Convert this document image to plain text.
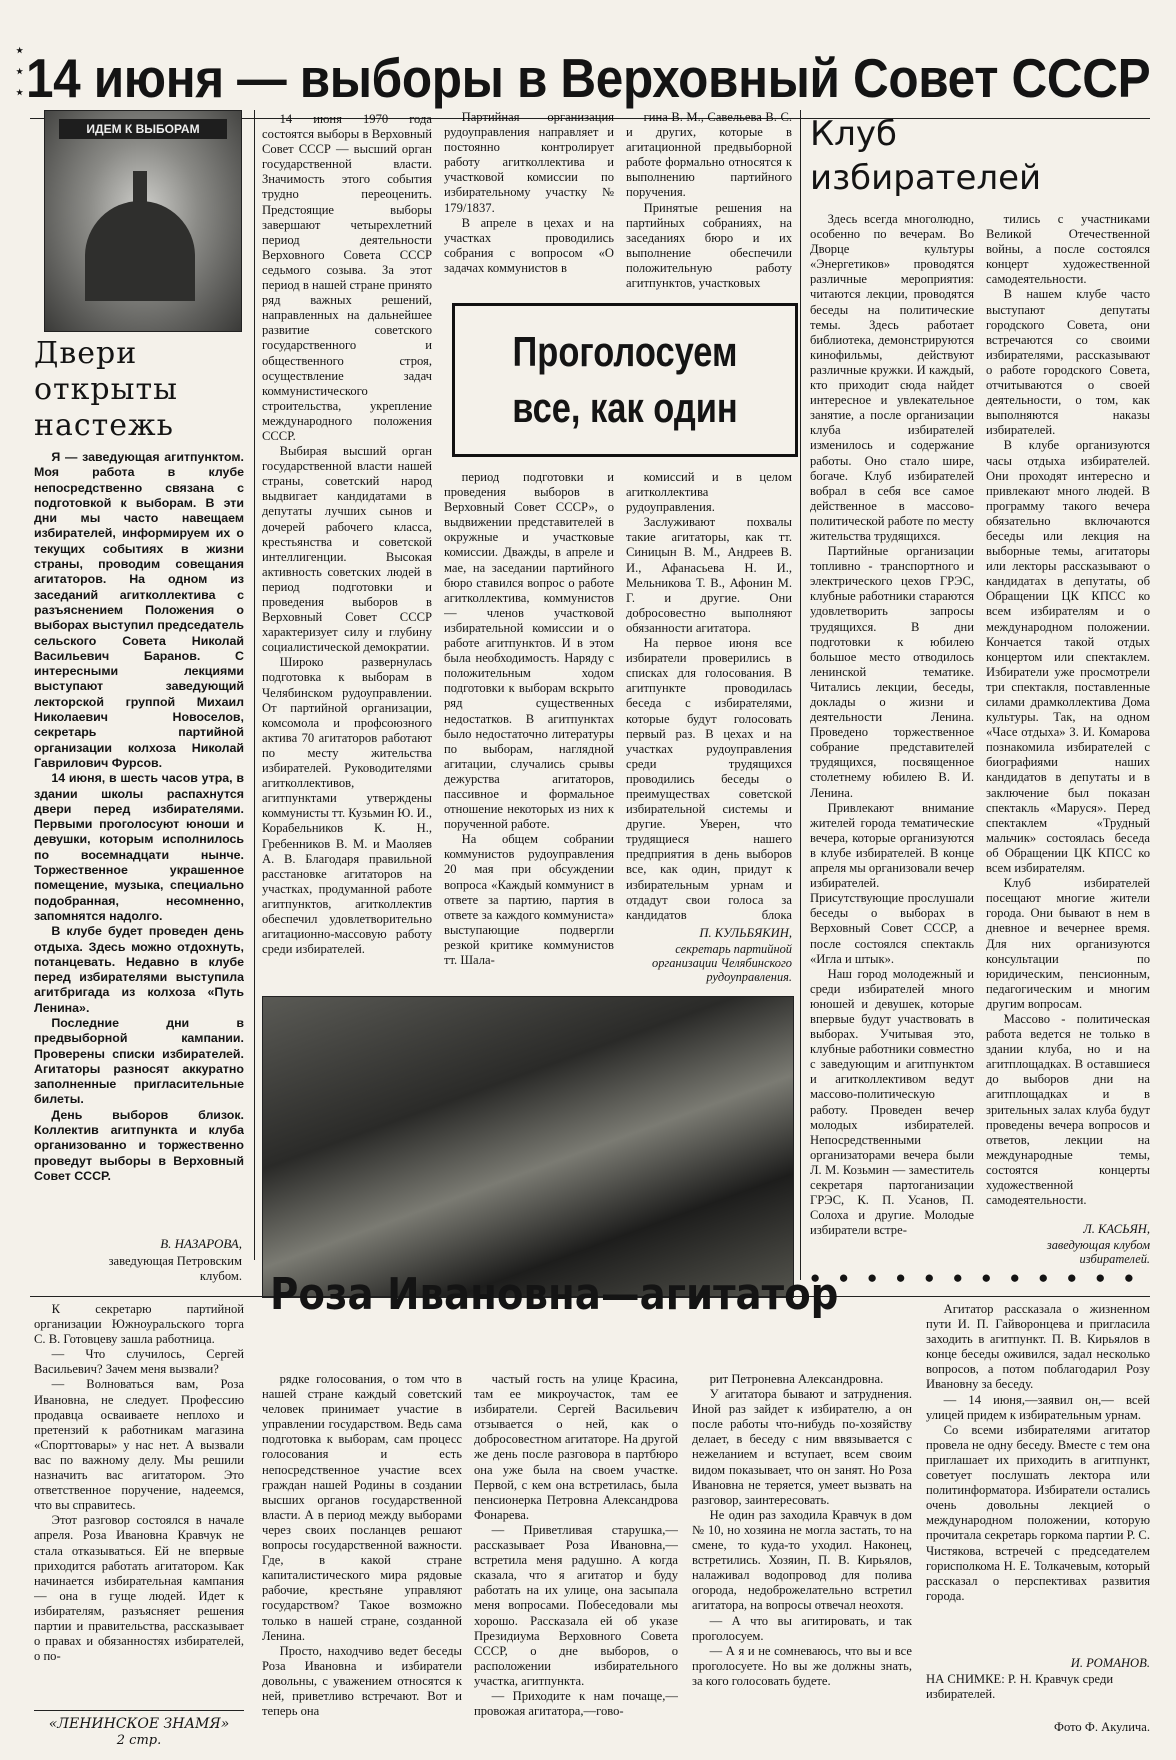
⋆
⋆
⋆ 14 июня — выборы в Верховный Совет СССР
ИДЕМ К ВЫБОРАМ
Двери открыты настежь

Я — заведующая агитпунктом. Моя работа в клубе непосредственно связана с подготовкой к выборам. В эти дни мы часто навещаем избирателей, информируем их о текущих событиях в жизни страны, проводим совещания агитаторов. На одном из заседаний агитколлектива с разъяснением Положения о выборах выступил председатель сельского Совета Николай Васильевич Баранов. С интересными лекциями выступают заведующий лекторской группой Михаил Николаевич Новоселов, секретарь партийной организации колхоза Николай Гаврилович Фурсов.

14 июня, в шесть часов утра, в здании школы распахнутся двери перед избирателями. Первыми проголосуют юноши и девушки, которым исполнилось по восемнадцати нынче. Торжественное украшенное помещение, музыка, специально подобранная, несомненно, запомнятся надолго.

В клубе будет проведен день отдыха. Здесь можно отдохнуть, потанцевать. Недавно в клубе перед избирателями выступила агитбригада из колхоза «Путь Ленина».

Последние дни в предвыборной кампании. Проверены списки избирателей. Агитаторы разносят аккуратно заполненные пригласительные билеты.

День выборов близок. Коллектив агитпункта и клуба организованно и торжественно проведут выборы в Верховный Совет СССР.

В. НАЗАРОВА,
заведующая Петровским клубом.

14 июня 1970 года состоятся выборы в Верховный Совет СССР — высший орган государственной власти. Значимость этого события трудно переоценить. Предстоящие выборы завершают четырехлетний период деятельности Верховного Совета СССР седьмого созыва. За этот период в нашей стране принято ряд важных решений, направленных на дальнейшее развитие советского государственного и общественного строя, осуществление задач коммунистического строительства, укрепление международного положения СССР.

Выбирая высший орган государственной власти нашей страны, советский народ выдвигает кандидатами в депутаты лучших сынов и дочерей рабочего класса, крестьянства и советской интеллигенции. Высокая активность советских людей в период подготовки и проведения выборов в Верховный Совет СССР характеризует силу и глубину социалистической демократии.

Широко развернулась подготовка к выборам в Челябинском рудоуправлении. От партийной организации, комсомола и профсоюзного актива 70 агитаторов работают по месту жительства избирателей. Руководителями агитколлективов, агитпунктами утверждены коммунисты тт. Кузьмин Ю. И., Корабельников К. Н., Гребенников В. М. и Маоляев А. В. Благодаря правильной расстановке агитаторов на участках, продуманной работе агитпунктов, агитколлектив обеспечил удовлетворительно агитационно-массовую работу среди избирателей.

Партийная организация рудоуправления направляет и постоянно контролирует работу агитколлектива и участковой комиссии по избирательному участку № 179/1837.

В апреле в цехах и на участках проводились собрания с вопросом «О задачах коммунистов в

гина В. М., Савельева В. С. и других, которые в агитационной предвыборной работе формально относятся к выполнению партийного поручения.

Принятые решения на партийных собраниях, на заседаниях бюро и их выполнение обеспечили положительную работу агитпунктов, участковых

Проголосуем
все, как один

период подготовки и проведения выборов в Верховный Совет СССР», о выдвижении представителей в окружные и участковые комиссии. Дважды, в апреле и мае, на заседании партийного бюро ставился вопрос о работе агитколлектива, коммунистов — членов участковой избирательной комиссии и о работе агитпунктов. И в этом была необходимость. Наряду с положительным ходом подготовки к выборам вскрыто ряд существенных недостатков. В агитпунктах было недостаточно литературы по выборам, наглядной агитации, случались срывы дежурства агитаторов, пассивное и формальное отношение некоторых из них к порученной работе.

На общем собрании коммунистов рудоуправления 20 мая при обсуждении вопроса «Каждый коммунист в ответе за партию, партия в ответе за каждого коммуниста» выступающие подвергли резкой критике коммунистов тт. Шала-

комиссий и в целом агитколлектива рудоуправления.

Заслуживают похвалы такие агитаторы, как тт. Синицын В. М., Андреев В. И., Афанасьева Н. И., Мельникова Т. В., Афонин М. Г. и другие. Они добросовестно выполняют обязанности агитатора.

На первое июня все избиратели проверились в списках для голосования. В агитпункте проводилась беседа с избирателями, которые будут голосовать первый раз. В цехах и на участках рудоуправления среди трудящихся проводились беседы о преимуществах советской избирательной системы и другие. Уверен, что трудящиеся нашего предприятия в день выборов все, как один, придут к избирательным урнам и отдадут свои голоса за кандидатов блока

П. КУЛЬБЯКИН,
секретарь партийной организации Челябинского рудоуправления.
Клуб
избирателей

Здесь всегда многолюдно, особенно по вечерам. Во Дворце культуры «Энергетиков» проводятся различные мероприятия: читаются лекции, проводятся беседы на политические темы. Здесь работает библиотека, демонстрируются кинофильмы, действуют различные кружки. И каждый, кто приходит сюда найдет интересное и увлекательное занятие, а после организации клуба избирателей изменилось и содержание работы. Оно стало шире, богаче. Клуб избирателей вобрал в себя все самое действенное в массово-политической работе по месту жительства трудящихся.

Партийные организации топливно - транспортного и электрического цехов ГРЭС, клубные работники стараются удовлетворить запросы трудящихся. В дни подготовки к юбилею большое место отводилось ленинской тематике. Читались лекции, беседы, доклады о жизни и деятельности Ленина. Проведено торжественное собрание представителей трудящихся, посвященное столетнему юбилею В. И. Ленина.

Привлекают внимание жителей города тематические вечера, которые организуются в клубе избирателей. В конце апреля мы организовали вечер избирателей. Присутствующие прослушали беседы о выборах в Верховный Совет СССР, а после состоялся спектакль «Игла и штык».

Наш город молодежный и среди избирателей много юношей и девушек, которые впервые будут участвовать в выборах. Учитывая это, клубные работники совместно с заведующим и агитпунктом и агитколлективом ведут массово-политическую работу. Проведен вечер молодых избирателей. Непосредственными организаторами вечера были Л. М. Козьмин — заместитель секретаря партоганизации ГРЭС, К. П. Усанов, П. Солоха и другие. Молодые избиратели встре-

тились с участниками Великой Отечественной войны, а после состоялся концерт художественной самодеятельности.

В нашем клубе часто выступают депутаты городского Совета, они встречаются со своими избирателями, рассказывают о работе городского Совета, отчитываются о своей деятельности, о том, как выполняются наказы избирателей.

В клубе организуются часы отдыха избирателей. Они проходят интересно и привлекают много людей. В программу такого вечера обязательно включаются беседы или лекция на выборные темы, агитаторы или лекторы рассказывают о кандидатах в депутаты, об Обращении ЦК КПСС ко всем избирателям и о международном положении. Кончается такой отдых концертом или спектаклем. Избиратели уже просмотрели три спектакля, поставленные силами драмколлектива Дома культуры. Так, на одном «Часе отдыха» З. И. Комарова познакомила избирателей с биографиями наших кандидатов в депутаты и в заключение был показан спектакль «Маруся». Перед спектаклем «Трудный мальчик» состоялась беседа об Обращении ЦК КПСС ко всем избирателям.

Клуб избирателей посещают многие жители города. Они бывают в нем в дневное и вечернее время. Для них организуются консультации по юридическим, пенсионным, педагогическим и многим другим вопросам.

Массово - политическая работа ведется не только в здании клуба, но и на агитплощадках. В оставшиеся до выборов дни на агитплощадках и в зрительных залах клуба будут проведены вечера вопросов и ответов, лекции на международные темы, состоятся концерты художественной самодеятельности.

Л. КАСЬЯН,
заведующая клубом избирателей.
● ● ● ● ● ● ● ● ● ● ● ●
Роза Ивановна—агитатор

К секретарю партийной организации Южноуральского торга С. В. Готовцеву зашла работница.

— Что случилось, Сергей Васильевич? Зачем меня вызвали?

— Волноваться вам, Роза Ивановна, не следует. Профессию продавца осваиваете неплохо и претензий к работникам магазина «Спорттовары» у нас нет. А вызвали вас по важному делу. Мы решили назначить вас агитатором. Это ответственное поручение, надеемся, что вы справитесь.

Этот разговор состоялся в начале апреля. Роза Ивановна Кравчук не стала отказываться. Ей не впервые приходится работать агитатором. Как начинается избирательная кампания — она в гуще людей. Идет к избирателям, разъясняет решения партии и правительства, рассказывает о правах и обязанностях избирателей, о по-

рядке голосования, о том что в нашей стране каждый советский человек принимает участие в управлении государством. Ведь сама подготовка к выборам, сам процесс голосования и есть непосредственное участие всех граждан нашей Родины в создании высших органов государственной власти. А в период между выборами через своих посланцев решают вопросы государственной важности. Где, в какой стране капиталистического мира рядовые рабочие, крестьяне управляют государством? Такое возможно только в нашей стране, созданной Ленина.

Просто, находчиво ведет беседы Роза Ивановна и избиратели довольны, с уважением относятся к ней, приветливо встречают. Вот и теперь она

частый гость на улице Красина, там ее микроучасток, там ее избиратели. Сергей Васильевич отзывается о ней, как о добросовестном агитаторе. На другой же день после разговора в партбюро она уже была на своем участке. Первой, с кем она встретилась, была пенсионерка Петровна Александрова Фонарева.

— Приветливая старушка,— рассказывает Роза Ивановна,— встретила меня радушно. А когда сказала, что я агитатор и буду работать на их улице, она засыпала меня вопросами. Побеседовали мы хорошо. Рассказала ей об указе Президиума Верховного Совета СССР, о дне выборов, о расположении избирательного участка, агитпункта.

— Приходите к нам почаще,— провожая агитатора,—гово-

рит Петроневна Александровна.

У агитатора бывают и затруднения. Иной раз зайдет к избирателю, а он после работы что-нибудь по-хозяйству делает, в беседу с ним ввязывается с нежеланием и вступает, всем своим видом показывает, что он занят. Но Роза Ивановна не теряется, умеет вызвать на разговор, заинтересовать.

Не один раз заходила Кравчук в дом № 10, но хозяина не могла застать, то на смене, то куда-то уходил. Наконец, встретились. Хозяин, П. В. Кирьялов, налаживал водопровод для полива огорода, недоброжелательно встретил агитатора, на вопросы отвечал неохотя.

— А что вы агитировать, и так проголосуем.

— А я и не сомневаюсь, что вы и все проголосуете. Но вы же должны знать, за кого голосовать будете.

Агитатор рассказала о жизненном пути И. П. Гайворонцева и пригласила заходить в агитпункт. П. В. Кирьялов в конце беседы оживился, задал несколько вопросов, а потом поблагодарил Розу Ивановну за беседу.

— 14 июня,—заявил он,— всей улицей придем к избирательным урнам.

Со всеми избирателями агитатор провела не одну беседу. Вместе с тем она приглашает их приходить в агитпункт, советует послушать лектора или политинформатора. Избиратели остались очень довольны лекцией о международном положении, которую прочитала секретарь горкома партии Р. С. Чистякова, встречей с председателем горисполкома Н. Е. Толкачевым, который рассказал о перспективах развития города.

И. РОМАНОВ.
НА СНИМКЕ: Р. Н. Кравчук среди избирателей.
Фото Ф. Акулича.
«ЛЕНИНСКОЕ ЗНАМЯ»
2 стр.
